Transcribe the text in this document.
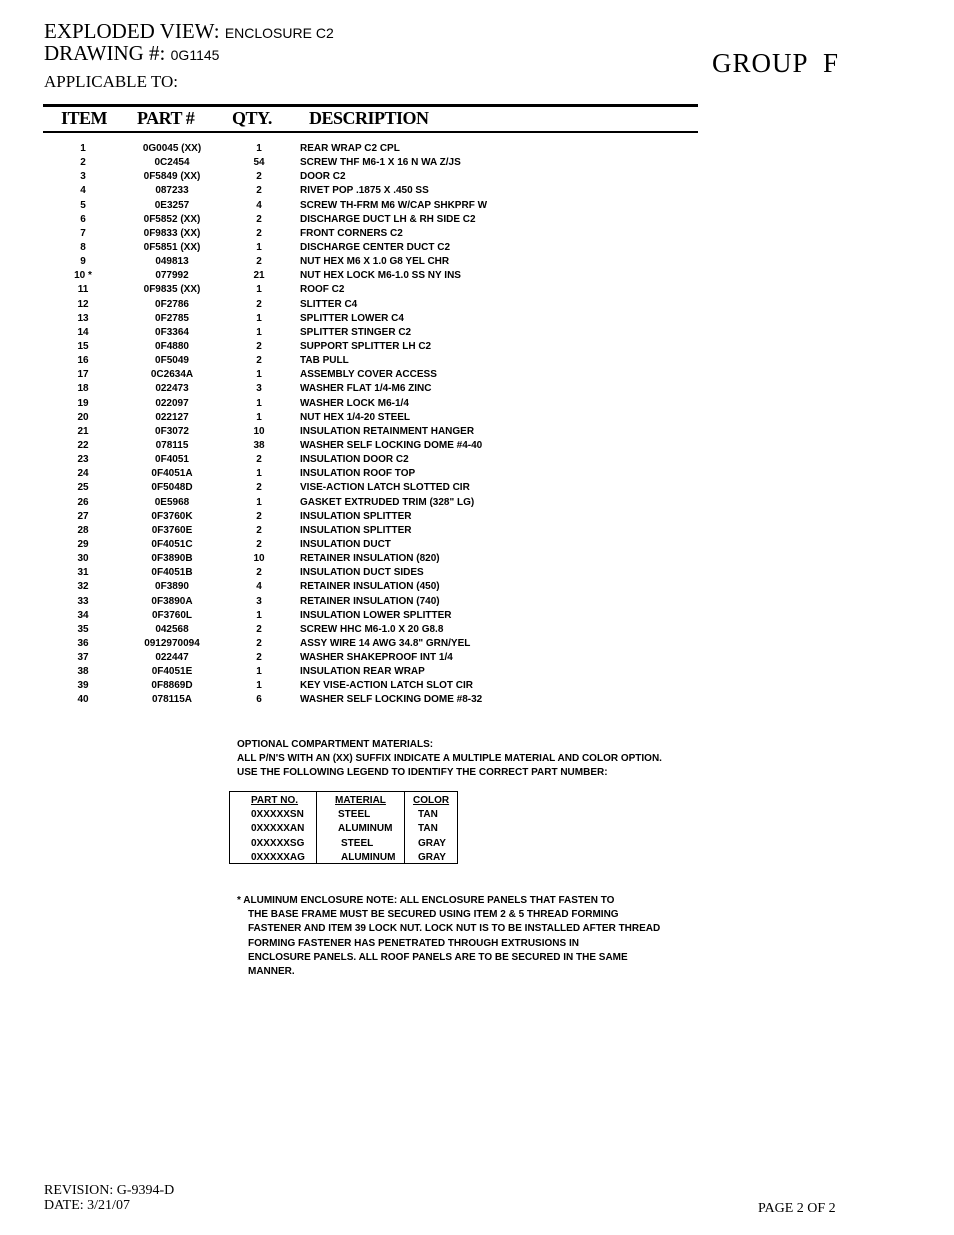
EXPLODED VIEW: ENCLOSURE C2
DRAWING #: 0G1145
APPLICABLE TO:
GROUP  F
ITEM PART # QTY. DESCRIPTION
1	0G0045 (XX)	1	REAR WRAP C2 CPL
2	0C2454	54	SCREW THF M6-1 X 16 N WA Z/JS
3	0F5849 (XX)	2	DOOR C2
4	087233	2	RIVET POP .1875 X .450 SS
5	0E3257	4	SCREW TH-FRM M6 W/CAP SHKPRF W
6	0F5852 (XX)	2	DISCHARGE DUCT LH & RH SIDE C2
7	0F9833 (XX)	2	FRONT CORNERS C2
8	0F5851 (XX)	1	DISCHARGE CENTER DUCT C2
9	049813	2	NUT HEX M6 X 1.0 G8 YEL CHR
10 *	077992	21	NUT HEX LOCK M6-1.0 SS NY INS
11	0F9835 (XX)	1	ROOF C2
12	0F2786	2	SLITTER C4
13	0F2785	1	SPLITTER LOWER C4
14	0F3364	1	SPLITTER STINGER C2
15	0F4880	2	SUPPORT SPLITTER LH C2
16	0F5049	2	TAB PULL
17	0C2634A	1	ASSEMBLY COVER ACCESS
18	022473	3	WASHER FLAT 1/4-M6 ZINC
19	022097	1	WASHER LOCK M6-1/4
20	022127	1	NUT HEX 1/4-20 STEEL
21	0F3072	10	INSULATION RETAINMENT HANGER
22	078115	38	WASHER SELF LOCKING DOME #4-40
23	0F4051	2	INSULATION DOOR C2
24	0F4051A	1	INSULATION ROOF TOP
25	0F5048D	2	VISE-ACTION LATCH SLOTTED CIR
26	0E5968	1	GASKET EXTRUDED TRIM (328" LG)
27	0F3760K	2	INSULATION SPLITTER
28	0F3760E	2	INSULATION SPLITTER
29	0F4051C	2	INSULATION DUCT
30	0F3890B	10	RETAINER INSULATION (820)
31	0F4051B	2	INSULATION DUCT SIDES
32	0F3890	4	RETAINER INSULATION (450)
33	0F3890A	3	RETAINER INSULATION (740)
34	0F3760L	1	INSULATION LOWER SPLITTER
35	042568	2	SCREW HHC M6-1.0 X 20 G8.8
36	0912970094	2	ASSY WIRE 14 AWG 34.8" GRN/YEL
37	022447	2	WASHER SHAKEPROOF INT 1/4
38	0F4051E	1	INSULATION REAR WRAP
39	0F8869D	1	KEY VISE-ACTION LATCH SLOT CIR
40	078115A	6	WASHER SELF LOCKING DOME #8-32
OPTIONAL COMPARTMENT MATERIALS:
ALL P/N'S WITH AN (XX) SUFFIX INDICATE A MULTIPLE MATERIAL AND COLOR OPTION.
USE THE FOLLOWING LEGEND TO IDENTIFY THE CORRECT PART NUMBER:
PART NO.	MATERIAL	COLOR
0XXXXXSN	STEEL	TAN
0XXXXXAN	ALUMINUM	TAN
0XXXXXSG	STEEL	GRAY
0XXXXXAG	ALUMINUM GRAY
* ALUMINUM ENCLOSURE NOTE: ALL ENCLOSURE PANELS THAT FASTEN TO
THE BASE FRAME MUST BE SECURED USING ITEM 2 & 5 THREAD FORMING
FASTENER AND ITEM 39 LOCK NUT. LOCK NUT IS TO BE INSTALLED AFTER THREAD
FORMING FASTENER HAS PENETRATED THROUGH EXTRUSIONS IN
ENCLOSURE PANELS. ALL ROOF PANELS ARE TO BE SECURED IN THE SAME
MANNER.
REVISION: G-9394-D
DATE: 3/21/07	PAGE 2 OF 2
